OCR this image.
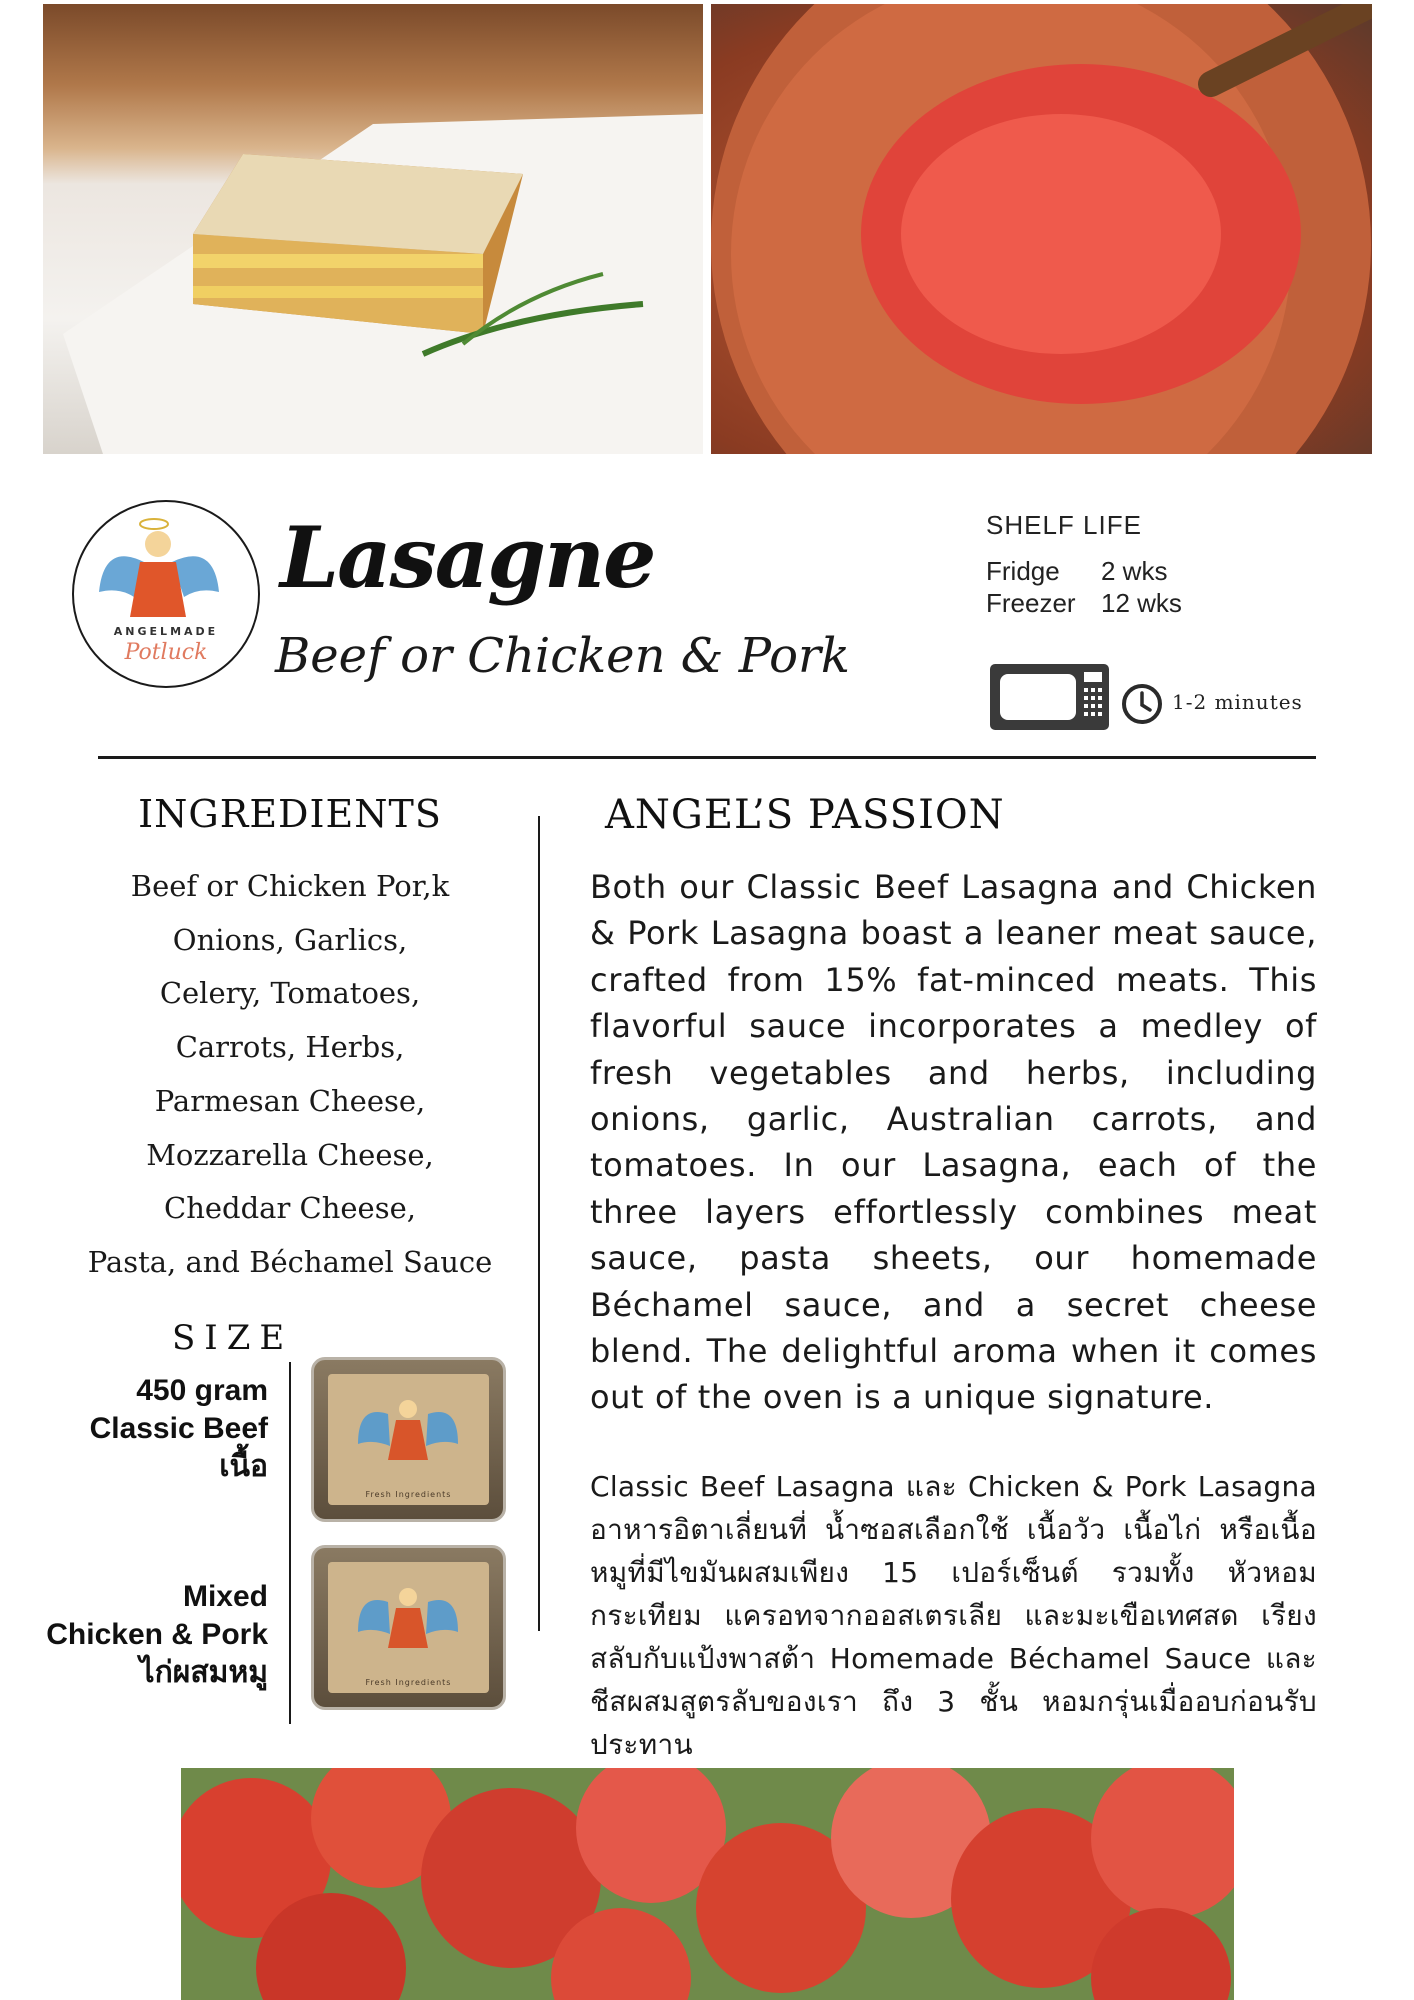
ANGELMADE
Potluck
Lasagne
Beef or Chicken & Pork
SHELF LIFE
Fridge	2 wks
Freezer 12 wks
1-2 minutes
INGREDIENTS
Beef or Chicken Por,k
Onions, Garlics,
Celery, Tomatoes,
Carrots, Herbs,
Parmesan Cheese,
Mozzarella Cheese,
Cheddar Cheese,
Pasta, and Béchamel Sauce
SIZE
450 gram
Classic Beef
เนื้อ
Mixed
Chicken & Pork
ไก่ผสมหมู
Fresh Ingredients
Fresh Ingredients
ANGEL’S PASSION
Both our Classic Beef Lasagna and Chicken & Pork Lasagna boast a leaner meat sauce, crafted from 15% fat-minced meats. This flavorful sauce incorporates a medley of fresh vegetables and herbs, including onions, garlic, Australian carrots, and tomatoes. In our Lasagna, each of the three layers effortlessly combines meat sauce, pasta sheets, our homemade Béchamel sauce, and a secret cheese blend. The delightful aroma when it comes out of the oven is a unique signature.
Classic Beef Lasagna และ Chicken & Pork Lasagna อาหารอิตาเลี่ยนที่ น้ำซอสเลือกใช้ เนื้อวัว เนื้อไก่ หรือเนื้อหมูที่มีไขมันผสมเพียง 15 เปอร์เซ็นต์ รวมทั้ง หัวหอม กระเทียม แครอทจากออสเตรเลีย และมะเขือเทศสด เรียงสลับกับแป้งพาสต้า Homemade Béchamel Sauce และชีสผสมสูตรลับของเรา ถึง 3 ชั้น หอมกรุ่นเมื่ออบก่อนรับประทาน
